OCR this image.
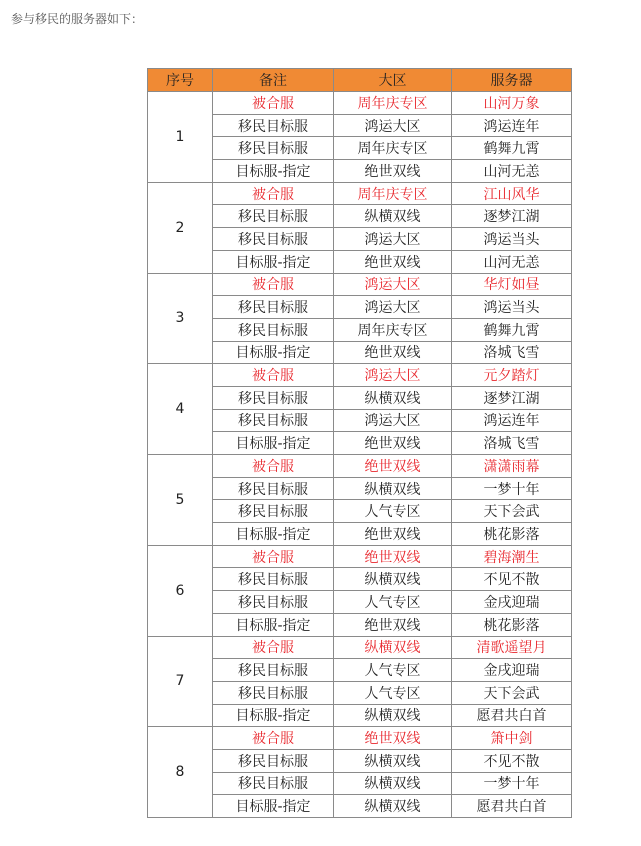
参与移民的服务器如下：
序号	备注	大区	服务器
1	被合服	周年庆专区	山河万象
	移民目标服	鸿运大区	鸿运连年
	移民目标服	周年庆专区	鹤舞九霄
	目标服-指定	绝世双线	山河无恙
2	被合服	周年庆专区	江山风华
	移民目标服	纵横双线	逐梦江湖
	移民目标服	鸿运大区	鸿运当头
	目标服-指定	绝世双线	山河无恙
3	被合服	鸿运大区	华灯如昼
	移民目标服	鸿运大区	鸿运当头
	移民目标服	周年庆专区	鹤舞九霄
	目标服-指定	绝世双线	洛城飞雪
4	被合服	鸿运大区	元夕踏灯
	移民目标服	纵横双线	逐梦江湖
	移民目标服	鸿运大区	鸿运连年
	目标服-指定	绝世双线	洛城飞雪
5	被合服	绝世双线	潇潇雨幕
	移民目标服	纵横双线	一梦十年
	移民目标服	人气专区	天下会武
	目标服-指定	绝世双线	桃花影落
6	被合服	绝世双线	碧海潮生
	移民目标服	纵横双线	不见不散
	移民目标服	人气专区	金戌迎瑞
	目标服-指定	绝世双线	桃花影落
7	被合服	纵横双线	清歌遥望月
	移民目标服	人气专区	金戌迎瑞
	移民目标服	人气专区	天下会武
	目标服-指定	纵横双线	愿君共白首
8	被合服	绝世双线	箫中剑
	移民目标服	纵横双线	不见不散
	移民目标服	纵横双线	一梦十年
	目标服-指定	纵横双线	愿君共白首
